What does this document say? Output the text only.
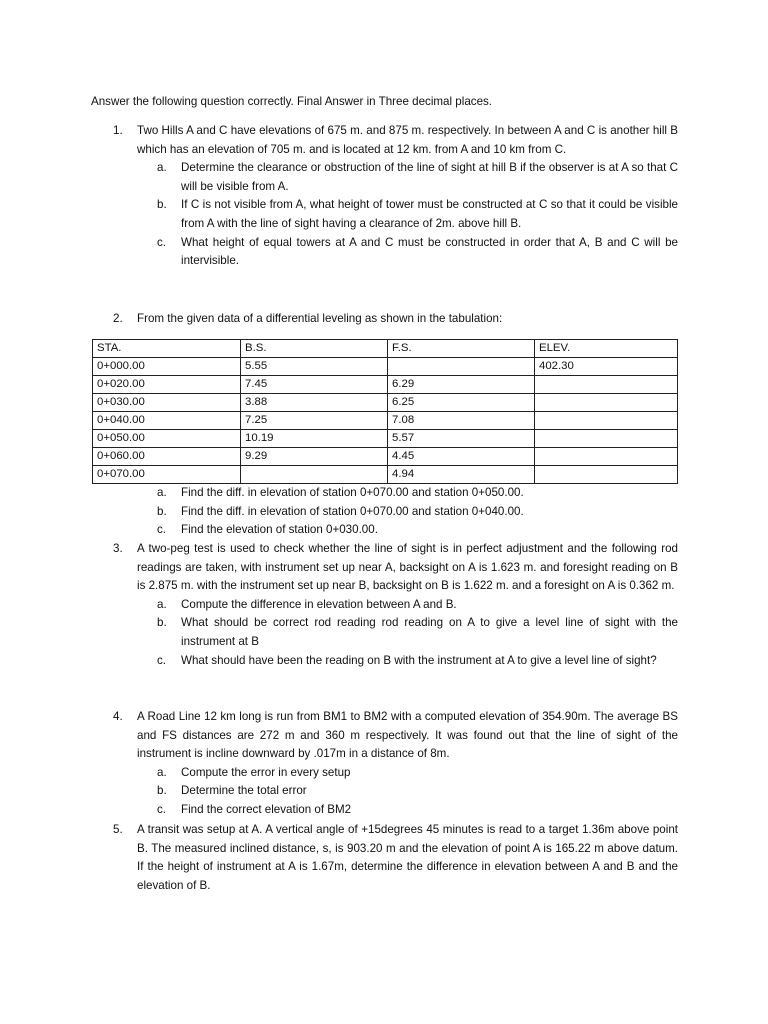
Answer the following question correctly. Final Answer in Three decimal places.
1. Two Hills A and C have elevations of 675 m. and 875 m. respectively. In between A and C is another hill B which has an elevation of 705 m. and is located at 12 km. from A and 10 km from C.
a. Determine the clearance or obstruction of the line of sight at hill B if the observer is at A so that C will be visible from A.
b. If C is not visible from A, what height of tower must be constructed at C so that it could be visible from A with the line of sight having a clearance of 2m. above hill B.
c. What height of equal towers at A and C must be constructed in order that A, B and C will be intervisible.
2. From the given data of a differential leveling as shown in the tabulation:
STA.	B.S.	F.S.	ELEV.
0+000.00	5.55		402.30
0+020.00	7.45	6.29	
0+030.00	3.88	6.25	
0+040.00	7.25	7.08	
0+050.00	10.19	5.57	
0+060.00	9.29	4.45	
0+070.00		4.94	
a. Find the diff. in elevation of station 0+070.00 and station 0+050.00.
b. Find the diff. in elevation of station 0+070.00 and station 0+040.00.
c. Find the elevation of station 0+030.00.
3. A two-peg test is used to check whether the line of sight is in perfect adjustment and the following rod readings are taken, with instrument set up near A, backsight on A is 1.623 m. and foresight reading on B is 2.875 m. with the instrument set up near B, backsight on B is 1.622 m. and a foresight on A is 0.362 m.
a. Compute the difference in elevation between A and B.
b. What should be correct rod reading rod reading on A to give a level line of sight with the instrument at B
c. What should have been the reading on B with the instrument at A to give a level line of sight?
4. A Road Line 12 km long is run from BM1 to BM2 with a computed elevation of 354.90m. The average BS and FS distances are 272 m and 360 m respectively. It was found out that the line of sight of the instrument is incline downward by .017m in a distance of 8m.
a. Compute the error in every setup
b. Determine the total error
c. Find the correct elevation of BM2
5. A transit was setup at A. A vertical angle of +15degrees 45 minutes is read to a target 1.36m above point B. The measured inclined distance, s, is 903.20 m and the elevation of point A is 165.22 m above datum. If the height of instrument at A is 1.67m, determine the difference in elevation between A and B and the elevation of B.
